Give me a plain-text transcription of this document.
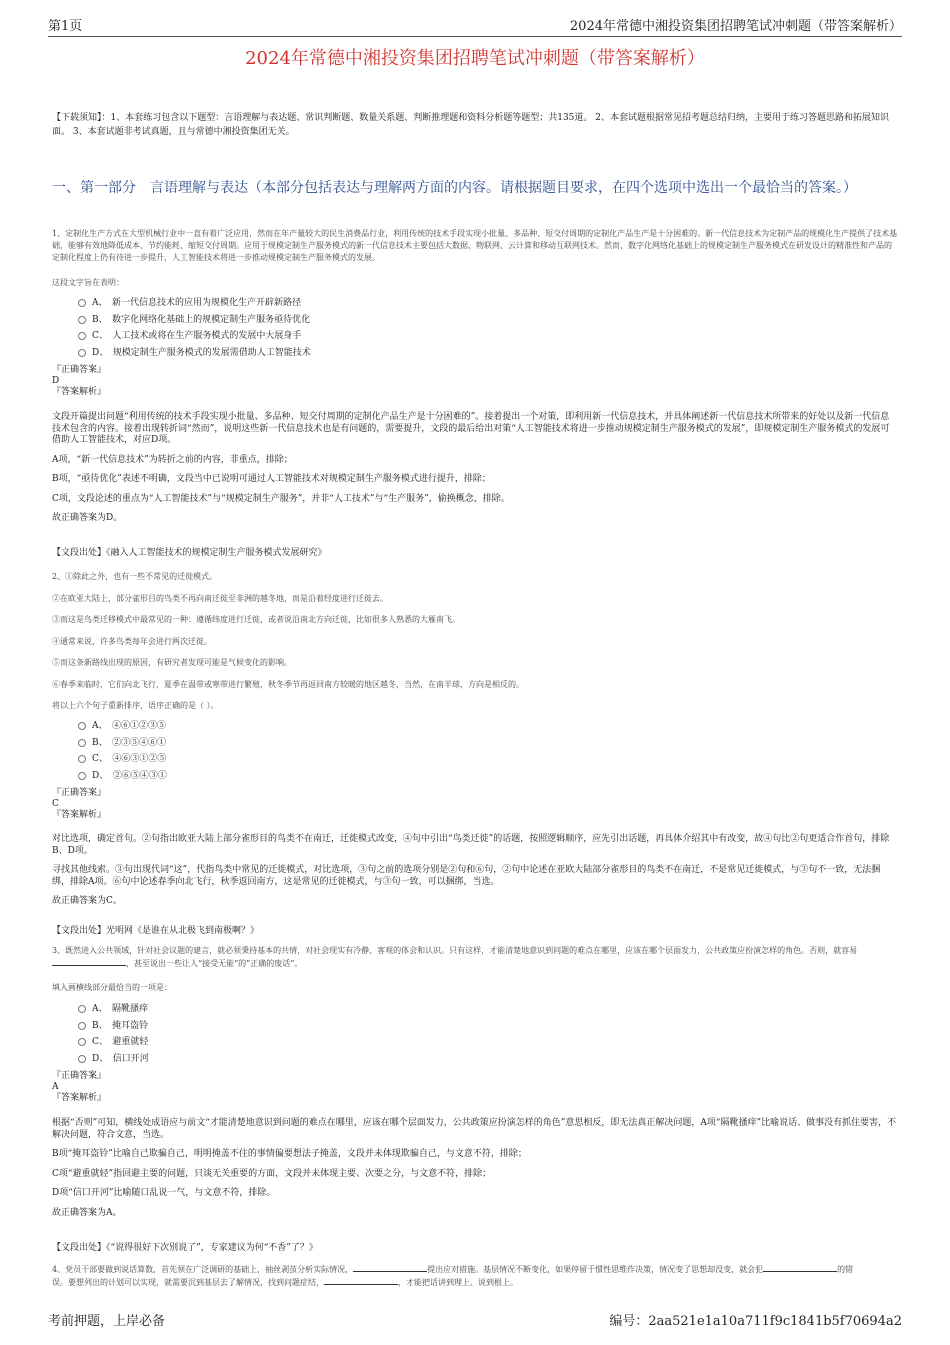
第1页	2024年常德中湘投资集团招聘笔试冲刺题（带答案解析）
2024年常德中湘投资集团招聘笔试冲刺题（带答案解析）
【下载须知】：1、本套练习包含以下题型：言语理解与表达题、常识判断题、数量关系题、判断推理题和资料分析题等题型；共135道。 2、本套试题根据常见招考题总结归纳，主要用于练习答题思路和拓展知识面。 3、本套试题非考试真题，且与常德中湘投资集团无关。
一、第一部分　言语理解与表达（本部分包括表达与理解两方面的内容。请根据题目要求，在四个选项中选出一个最恰当的答案。）
1、定制化生产方式在大型机械行业中一直有着广泛应用，然而在年产量较大的民生消费品行业，利用传统的技术手段实现小批量、多品种、短交付周期的定制化产品生产是十分困难的。新一代信息技术为定制产品的规模化生产提供了技术基础，能够有效地降低成本、节约能耗、缩短交付周期。应用于规模定制生产服务模式的新一代信息技术主要包括大数据、物联网、云计算和移动互联网技术。然而，数字化网络化基础上的规模定制生产服务模式在研发设计的精准性和产品的定制化程度上仍有待进一步提升，人工智能技术将进一步推动规模定制生产服务模式的发展。
这段文字旨在表明：
A、　新一代信息技术的应用为规模化生产开辟新路径
B、　数字化网络化基础上的规模定制生产服务亟待优化
C、　人工技术或将在生产服务模式的发展中大展身手
D、　规模定制生产服务模式的发展需借助人工智能技术
『正确答案』
D
『答案解析』

文段开篇提出问题“利用传统的技术手段实现小批量、多品种、短交付周期的定制化产品生产是十分困难的”。接着提出一个对策，即利用新一代信息技术，并具体阐述新一代信息技术所带来的好处以及新一代信息技术包含的内容。接着出现转折词“然而”，说明这些新一代信息技术也是有问题的，需要提升，文段的最后给出对策“人工智能技术将进一步推动规模定制生产服务模式的发展”，即规模定制生产服务模式的发展可借助人工智能技术，对应D项。

A项，“新一代信息技术”为转折之前的内容，非重点，排除；

B项，“亟待优化”表述不明确，文段当中已说明可通过人工智能技术对规模定制生产服务模式进行提升，排除；

C项，文段论述的重点为“人工智能技术”与“规模定制生产服务”，并非“人工技术”与“生产服务”，偷换概念，排除。

故正确答案为D。

【文段出处】《融入人工智能技术的规模定制生产服务模式发展研究》
2、①除此之外，也有一些不常见的迁徙模式。
②在欧亚大陆上，部分雀形目的鸟类不再向南迁徙至非洲的越冬地，而是沿着经度进行迁徙去。
③而这是鸟类迁移模式中最常见的一种：遵循纬度进行迁徙，或者说沿南北方向迁徙，比如很多人熟悉的大雁南飞。
④通常来说，许多鸟类每年会进行两次迁徙。
⑤而这条新路线出现的原因，有研究者发现可能是气候变化的影响。
⑥春季来临时，它们向北飞行，夏季在温带或寒带进行繁殖，秋冬季节再返回南方较暖的地区越冬，当然，在南半球，方向是相反的。
将以上六个句子重新排序，语序正确的是（ ）。
A、　④⑥①②③⑤
B、　②③⑤④⑥①
C、　④⑥③①②⑤
D、　②⑥⑤④③①
『正确答案』
C
『答案解析』

对比选项，确定首句。②句指出欧亚大陆上部分雀形目的鸟类不在南迁，迁徙模式改变，④句中引出“鸟类迁徙”的话题，按照逻辑顺序，应先引出话题，再具体介绍其中有改变，故④句比②句更适合作首句，排除B、D项。

寻找其他线索。③句出现代词“这”，代指鸟类中常见的迁徙模式，对比选项，③句之前的选项分别是②句和⑥句，②句中论述在亚欧大陆部分雀形目的鸟类不在南迁，不是常见迁徙模式，与③句不一致，无法捆绑，排除A项。⑥句中论述春季向北飞行，秋季返回南方，这是常见的迁徙模式，与③句一致，可以捆绑，当选。

故正确答案为C。

【文段出处】光明网《是谁在从北极飞到南极啊？》
3、既然进入公共领域，针对社会议题的建言，就必须秉持基本的共情，对社会现实有冷静、客观的体会和认识。只有这样，才能清楚地意识到问题的难点在哪里，应该在哪个层面发力，公共政策应扮演怎样的角色。否则，就容易，甚至说出一些让人“接受无能”的“正确的废话”。
填入画横线部分最恰当的一项是：
A、　隔靴搔痒
B、　掩耳盗铃
C、　避重就轻
D、　信口开河
『正确答案』
A
『答案解析』

根据“否则”可知，横线处成语应与前文“才能清楚地意识到问题的难点在哪里，应该在哪个层面发力，公共政策应扮演怎样的角色”意思相反，即无法真正解决问题，A项“隔靴搔痒”比喻说话、做事没有抓住要害，不解决问题，符合文意，当选。

B项“掩耳盗铃”比喻自己欺骗自己，明明掩盖不住的事情偏要想法子掩盖，文段并未体现欺骗自己，与文意不符，排除；

C项“避重就轻”指回避主要的问题，只谈无关重要的方面，文段并未体现主要、次要之分，与文意不符，排除；

D项“信口开河”比喻随口乱说一气，与文意不符，排除。

故正确答案为A。

【文段出处】《“说得很好下次别说了”，专家建议为何“不香”了？》
4、党员干部要做到说话算数，首先须在广泛调研的基础上，抽丝剥茧分析实际情况，	提出应对措施。基层情况不断变化，如果停留于惯性思维作决策，情况变了思想却没变，就会犯	的错
误。要想列出的计划可以实现，就需要沉到基层去了解情况，找到问题症结，	，才能把话讲到理上、说到根上。
考前押题，上岸必备	编号：2aa521e1a10a711f9c1841b5f70694a2
